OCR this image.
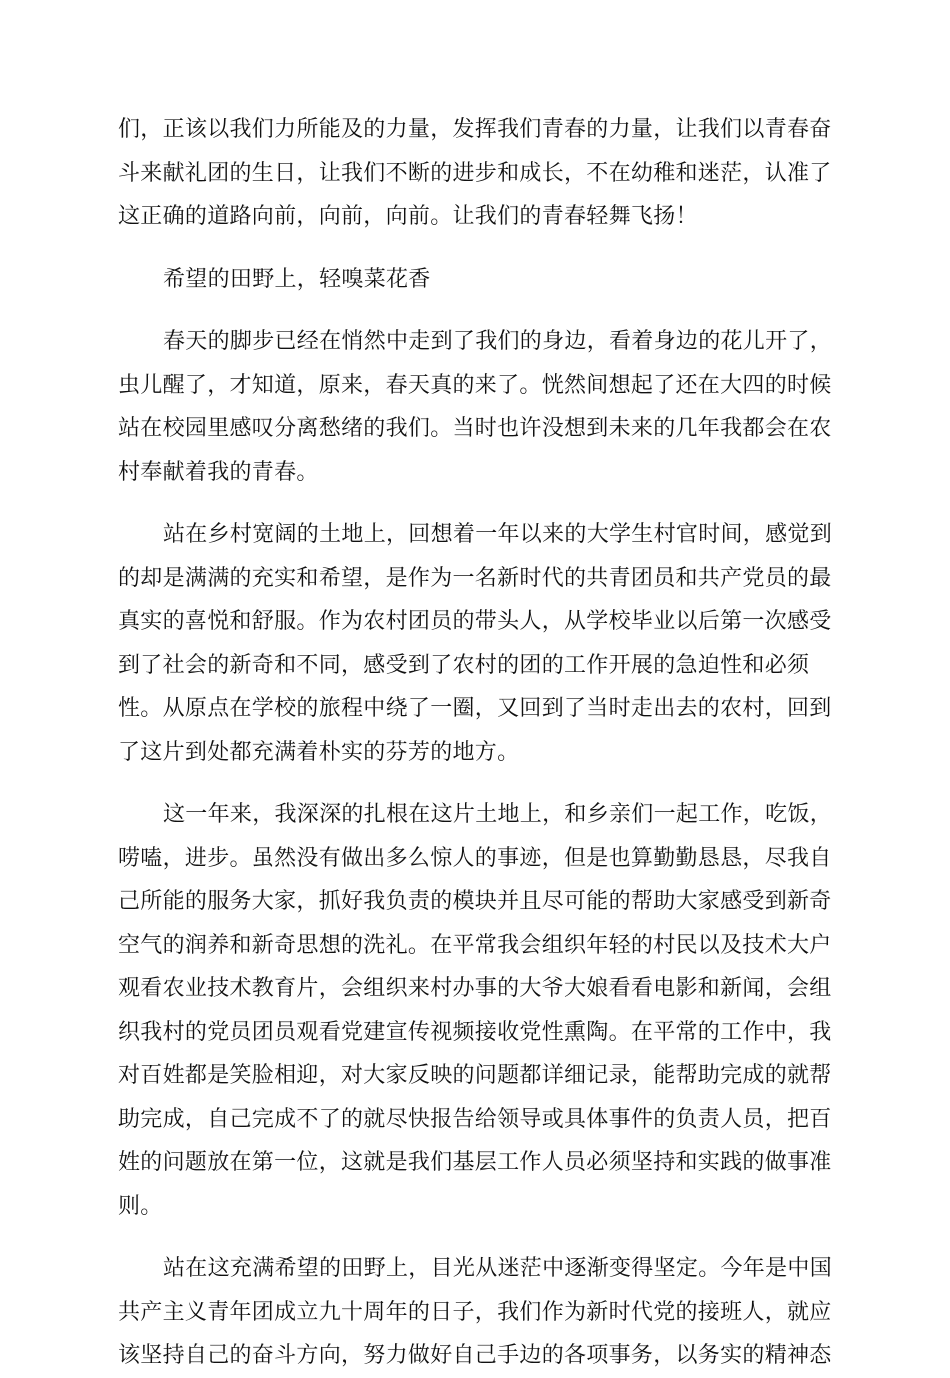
们，正该以我们力所能及的力量，发挥我们青春的力量，让我们以青春奋
斗来献礼团的生日，让我们不断的进步和成长，不在幼稚和迷茫，认准了
这正确的道路向前，向前，向前。让我们的青春轻舞飞扬！
希望的田野上，轻嗅菜花香
春天的脚步已经在悄然中走到了我们的身边，看着身边的花儿开了，
虫儿醒了，才知道，原来，春天真的来了。恍然间想起了还在大四的时候
站在校园里感叹分离愁绪的我们。当时也许没想到未来的几年我都会在农
村奉献着我的青春。
站在乡村宽阔的土地上，回想着一年以来的大学生村官时间，感觉到
的却是满满的充实和希望，是作为一名新时代的共青团员和共产党员的最
真实的喜悦和舒服。作为农村团员的带头人，从学校毕业以后第一次感受
到了社会的新奇和不同，感受到了农村的团的工作开展的急迫性和必须
性。从原点在学校的旅程中绕了一圈，又回到了当时走出去的农村，回到
了这片到处都充满着朴实的芬芳的地方。
这一年来，我深深的扎根在这片土地上，和乡亲们一起工作，吃饭，
唠嗑，进步。虽然没有做出多么惊人的事迹，但是也算勤勤恳恳，尽我自
己所能的服务大家，抓好我负责的模块并且尽可能的帮助大家感受到新奇
空气的润养和新奇思想的洗礼。在平常我会组织年轻的村民以及技术大户
观看农业技术教育片，会组织来村办事的大爷大娘看看电影和新闻，会组
织我村的党员团员观看党建宣传视频接收党性熏陶。在平常的工作中，我
对百姓都是笑脸相迎，对大家反映的问题都详细记录，能帮助完成的就帮
助完成，自己完成不了的就尽快报告给领导或具体事件的负责人员，把百
姓的问题放在第一位，这就是我们基层工作人员必须坚持和实践的做事准
则。
站在这充满希望的田野上，目光从迷茫中逐渐变得坚定。今年是中国
共产主义青年团成立九十周年的日子，我们作为新时代党的接班人，就应
该坚持自己的奋斗方向，努力做好自己手边的各项事务，以务实的精神态
